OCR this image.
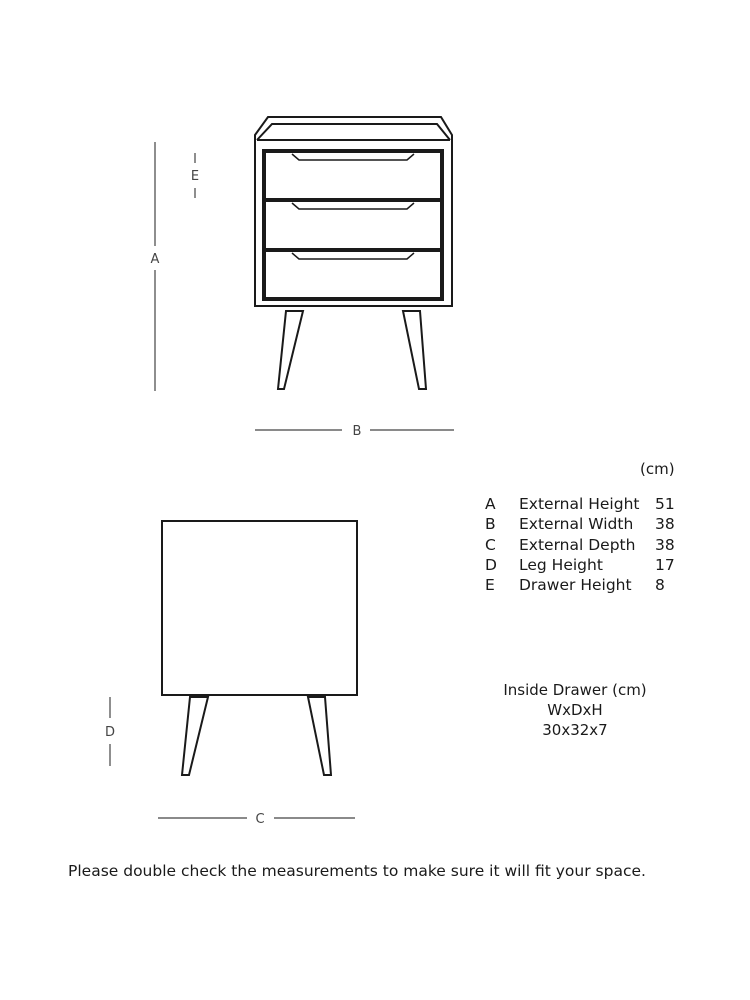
A
E
B
D
C
(cm)
A	External Height	51
B	External Width	38
C	External Depth	38
D	Leg Height	17
E	Drawer Height	8
Inside Drawer (cm)
WxDxH
30x32x7
Please double check the measurements to make sure it will fit your space.
